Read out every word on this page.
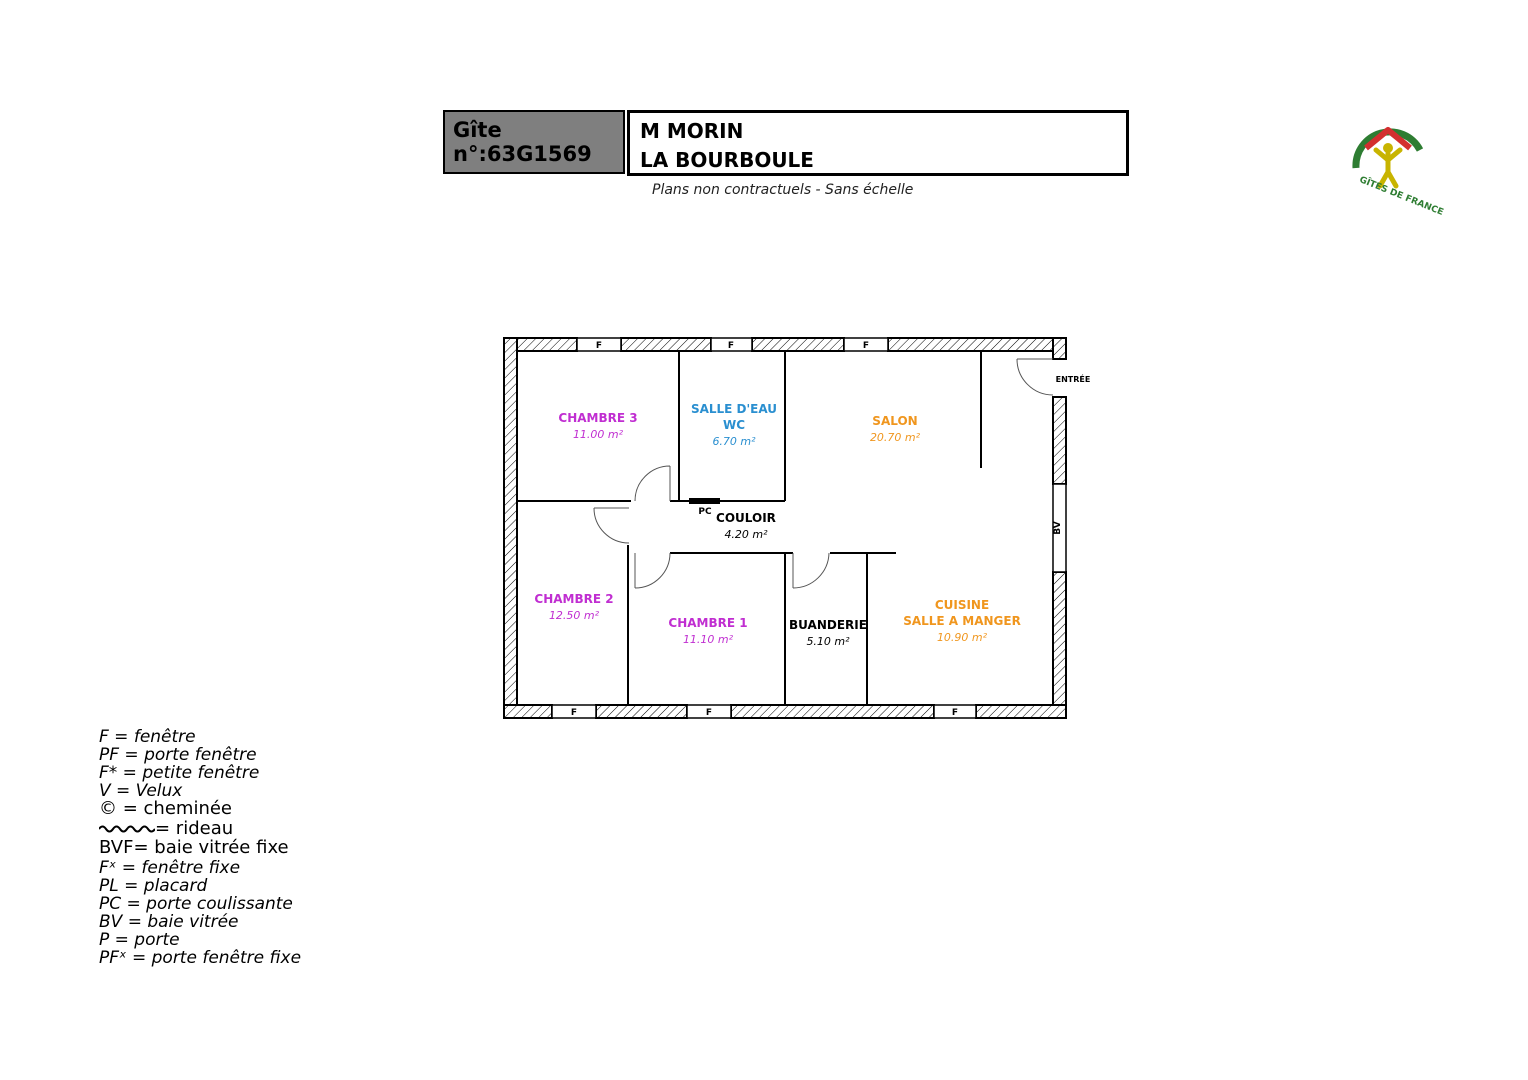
Gîte n°:63G1569
M MORIN
LA BOURBOULE
Plans non contractuels - Sans échelle	GÎTES DE FRANCE
F	F	F
F	F	F
PC
ENTRÉE
BV
CHAMBRE 3
11.00 m²
SALLE D'EAU
WC
6.70 m²
SALON
20.70 m²
COULOIR
4.20 m²
CHAMBRE 2
12.50 m²
CHAMBRE 1
11.10 m²
BUANDERIE
5.10 m²
CUISINE
SALLE A MANGER
10.90 m²
F = fenêtre
PF = porte fenêtre
F* = petite fenêtre
V = Velux
© = cheminée
= rideau
BVF= baie vitrée fixe
Fˣ = fenêtre fixe
PL = placard
PC = porte coulissante
BV = baie vitrée
P = porte
PFˣ = porte fenêtre fixe
